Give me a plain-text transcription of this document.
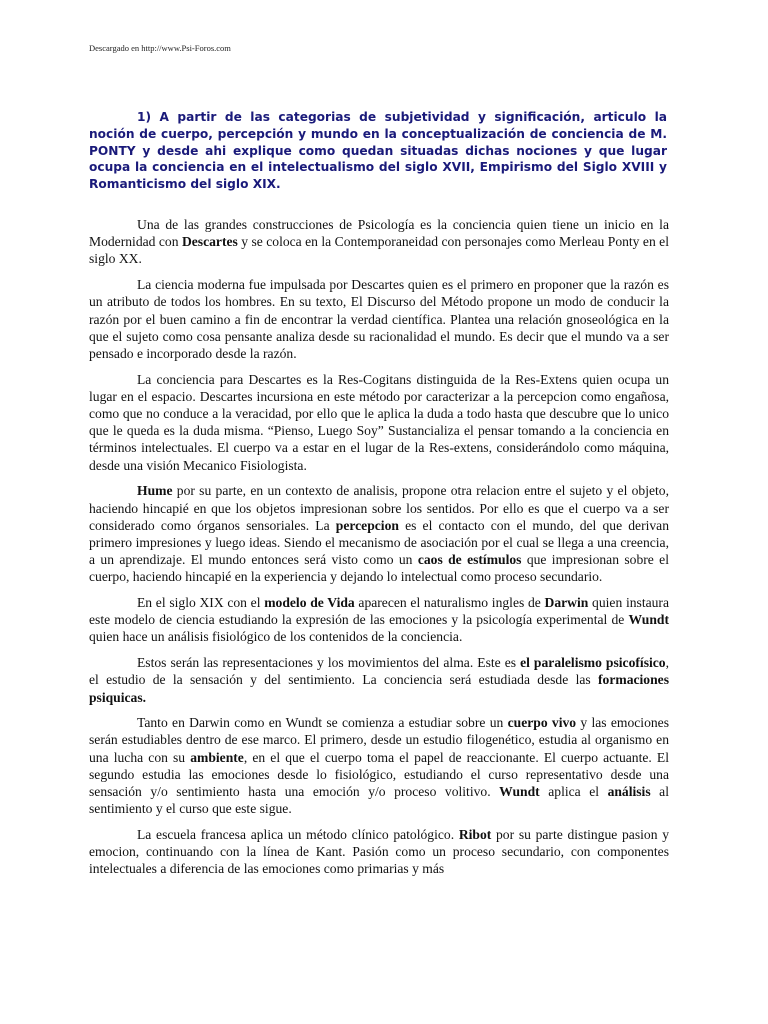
Descargado en http://www.Psi-Foros.com

1) A partir de las categorias de subjetividad y significación, articulo la noción de cuerpo, percepción y mundo en la conceptualización de conciencia de M. PONTY y desde ahi explique como quedan situadas dichas nociones y que lugar ocupa la conciencia en el intelectualismo del siglo XVII, Empirismo del Siglo XVIII y Romanticismo del siglo XIX.

Una de las grandes construcciones de Psicología es la conciencia quien tiene un inicio en la Modernidad con Descartes y se coloca en la Contemporaneidad con personajes como Merleau Ponty en el siglo XX.

La ciencia moderna fue impulsada por Descartes quien es el primero en proponer que la razón es un atributo de todos los hombres. En su texto, El Discurso del Método propone un modo de conducir la razón por el buen camino a fin de encontrar la verdad científica. Plantea una relación gnoseológica en la que el sujeto como cosa pensante analiza desde su racionalidad el mundo. Es decir que el mundo va a ser pensado e incorporado desde la razón.

La conciencia para Descartes es la Res-Cogitans distinguida de la Res-Extens quien ocupa un lugar en el espacio. Descartes incursiona en este método por caracterizar a la percepcion como engañosa, como que no conduce a la veracidad, por ello que le aplica la duda a todo hasta que descubre que lo unico que le queda es la duda misma. “Pienso, Luego Soy” Sustancializa el pensar tomando a la conciencia en términos intelectuales. El cuerpo va a estar en el lugar de la Res-extens, considerándolo como máquina, desde una visión Mecanico Fisiologista.

Hume por su parte, en un contexto de analisis, propone otra relacion entre el sujeto y el objeto, haciendo hincapié en que los objetos impresionan sobre los sentidos. Por ello es que el cuerpo va a ser considerado como órganos sensoriales. La percepcion es el contacto con el mundo, del que derivan primero impresiones y luego ideas. Siendo el mecanismo de asociación por el cual se llega a una creencia, a un aprendizaje. El mundo entonces será visto como un caos de estímulos que impresionan sobre el cuerpo, haciendo hincapié en la experiencia y dejando lo intelectual como proceso secundario.

En el siglo XIX con el modelo de Vida aparecen el naturalismo ingles de Darwin quien instaura este modelo de ciencia estudiando la expresión de las emociones y la psicología experimental de Wundt quien hace un análisis fisiológico de los contenidos de la conciencia.

Estos serán las representaciones y los movimientos del alma. Este es el paralelismo psicofísico, el estudio de la sensación y del sentimiento. La conciencia será estudiada desde las formaciones psiquicas.

Tanto en Darwin como en Wundt se comienza a estudiar sobre un cuerpo vivo y las emociones serán estudiables dentro de ese marco. El primero, desde un estudio filogenético, estudia al organismo en una lucha con su ambiente, en el que el cuerpo toma el papel de reaccionante. El cuerpo actuante. El segundo estudia las emociones desde lo fisiológico, estudiando el curso representativo desde una sensación y/o sentimiento hasta una emoción y/o proceso volitivo. Wundt aplica el análisis al sentimiento y el curso que este sigue.

La escuela francesa aplica un método clínico patológico. Ribot por su parte distingue pasion y emocion, continuando con la línea de Kant. Pasión como un proceso secundario, con componentes intelectuales a diferencia de las emociones como primarias y más
